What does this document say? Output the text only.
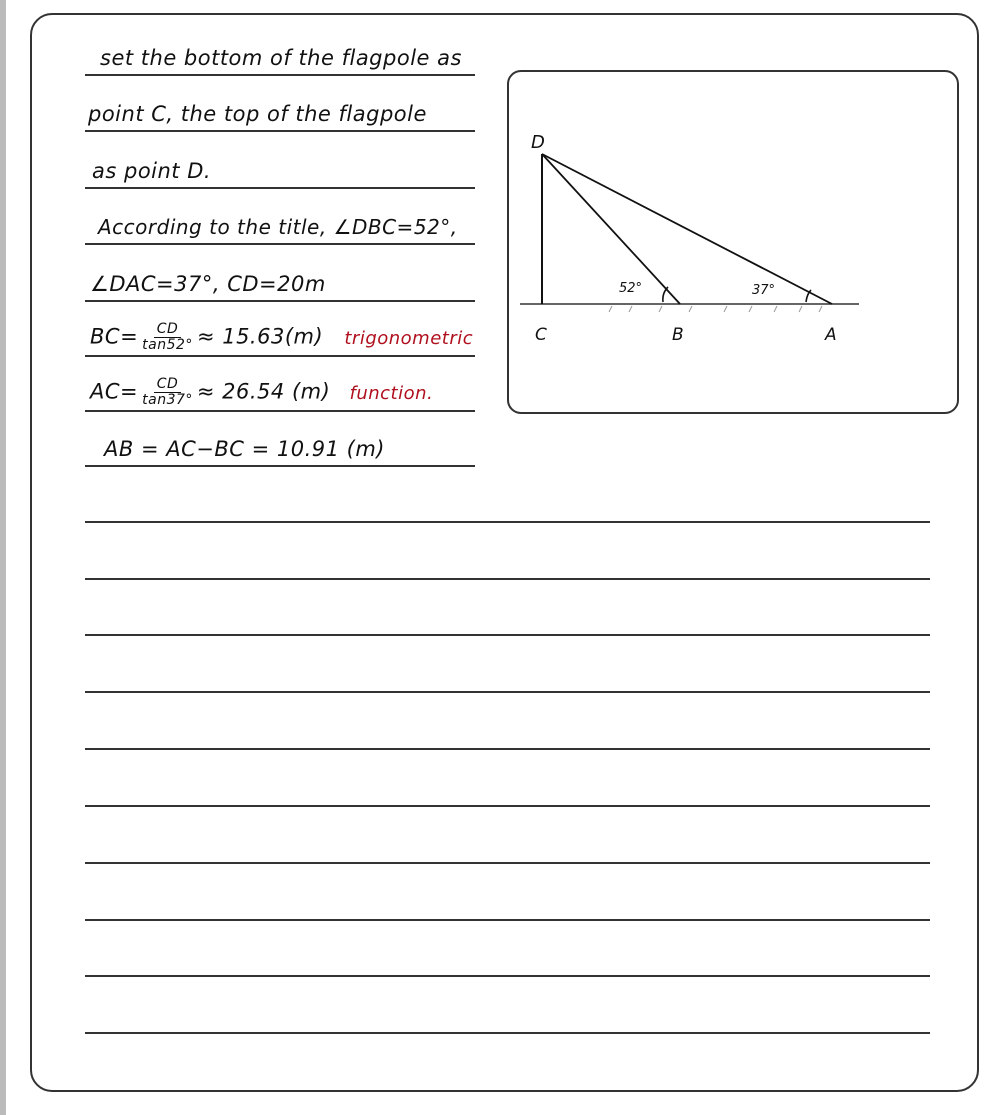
set the bottom of the flagpole as
point C, the top of the flagpole
as point D.
According to the title, ∠DBC=52°,
∠DAC=37°, CD=20m
$BC= \frac{CD}{\tan 52^\circ} \approx 15.63(m)$ trigonometric
$AC= \frac{CD}{\tan 37^\circ} \approx 26.54$ (m) function.
AB = AC−BC = 10.91 (m)
D
C	B	A
52°	37°
